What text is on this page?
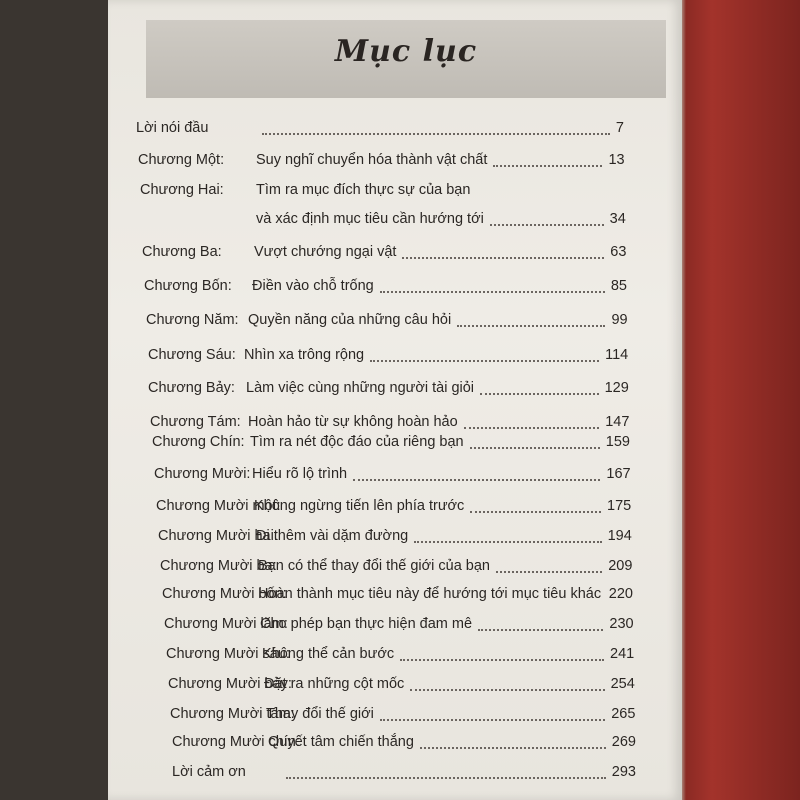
Mục lục
Lời nói đầu	7
Chương Một: Suy nghĩ chuyển hóa thành vật chất	13
Chương Hai: Tìm ra mục đích thực sự của bạn
và xác định mục tiêu cần hướng tới	34
Chương Ba: Vượt chướng ngại vật	63
Chương Bốn: Điền vào chỗ trống	85
Chương Năm: Quyền năng của những câu hỏi	99
Chương Sáu: Nhìn xa trông rộng	114
Chương Bảy: Làm việc cùng những người tài giỏi	129
Chương Tám: Hoàn hảo từ sự không hoàn hảo	147
Chương Chín: Tìm ra nét độc đáo của riêng bạn	159
Chương Mười: Hiểu rõ lộ trình	167
Chương Mười một:
Không ngừng tiến lên phía trước	175
Chương Mười hai:
Đi thêm vài dặm đường	194
Chương Mười ba:
Bạn có thể thay đổi thế giới của bạn	209
Chương Mười bốn:
Hoàn thành mục tiêu này để hướng tới mục tiêu khác 220
Chương Mười lăm:
Cho phép bạn thực hiện đam mê	230
Chương Mười sáu:
Không thể cản bước	241
Chương Mười bảy:
Đặt ra những cột mốc	254
Chương Mười tám:
Thay đổi thế giới	265
Chương Mười chín:
Quyết tâm chiến thắng	269
Lời cảm ơn	293
